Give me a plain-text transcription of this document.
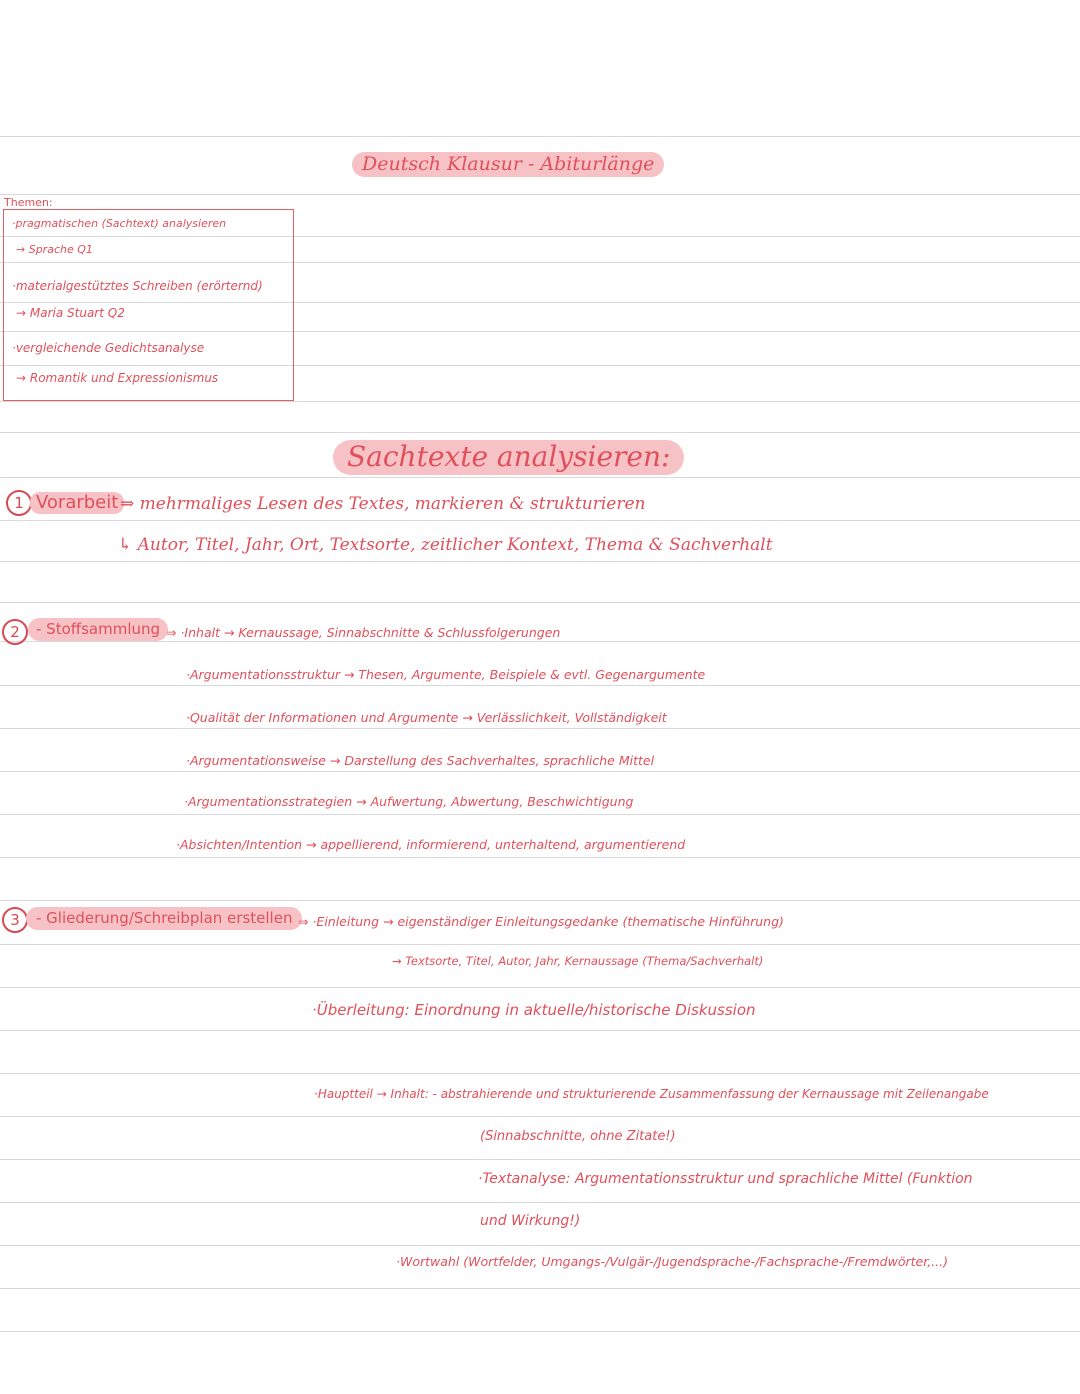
Deutsch Klausur - Abiturlänge
Themen:
·pragmatischen (Sachtext) analysieren
→ Sprache Q1
·materialgestütztes Schreiben (erörternd)
→ Maria Stuart Q2
·vergleichende Gedichtsanalyse
→ Romantik und Expressionismus
Sachtexte analysieren:
1 Vorarbeit ⇒ mehrmaliges Lesen des Textes, markieren & strukturieren
↳ Autor, Titel, Jahr, Ort, Textsorte, zeitlicher Kontext, Thema & Sachverhalt
2	- Stoffsammlung ⇒ ·Inhalt → Kernaussage, Sinnabschnitte & Schlussfolgerungen
·Argumentationsstruktur → Thesen, Argumente, Beispiele & evtl. Gegenargumente
·Qualität der Informationen und Argumente → Verlässlichkeit, Vollständigkeit
·Argumentationsweise → Darstellung des Sachverhaltes, sprachliche Mittel
·Argumentationsstrategien → Aufwertung, Abwertung, Beschwichtigung
·Absichten/Intention → appellierend, informierend, unterhaltend, argumentierend
3	- Gliederung/Schreibplan erstellen ⇒ ·Einleitung → eigenständiger Einleitungsgedanke (thematische Hinführung)
→ Textsorte, Titel, Autor, Jahr, Kernaussage (Thema/Sachverhalt)
·Überleitung: Einordnung in aktuelle/historische Diskussion
·Hauptteil → Inhalt: - abstrahierende und strukturierende Zusammenfassung der Kernaussage mit Zeilenangabe
(Sinnabschnitte, ohne Zitate!)
·Textanalyse: Argumentationsstruktur und sprachliche Mittel (Funktion
und Wirkung!)
·Wortwahl (Wortfelder, Umgangs-/Vulgär-/Jugendsprache-/Fachsprache-/Fremdwörter,...)
